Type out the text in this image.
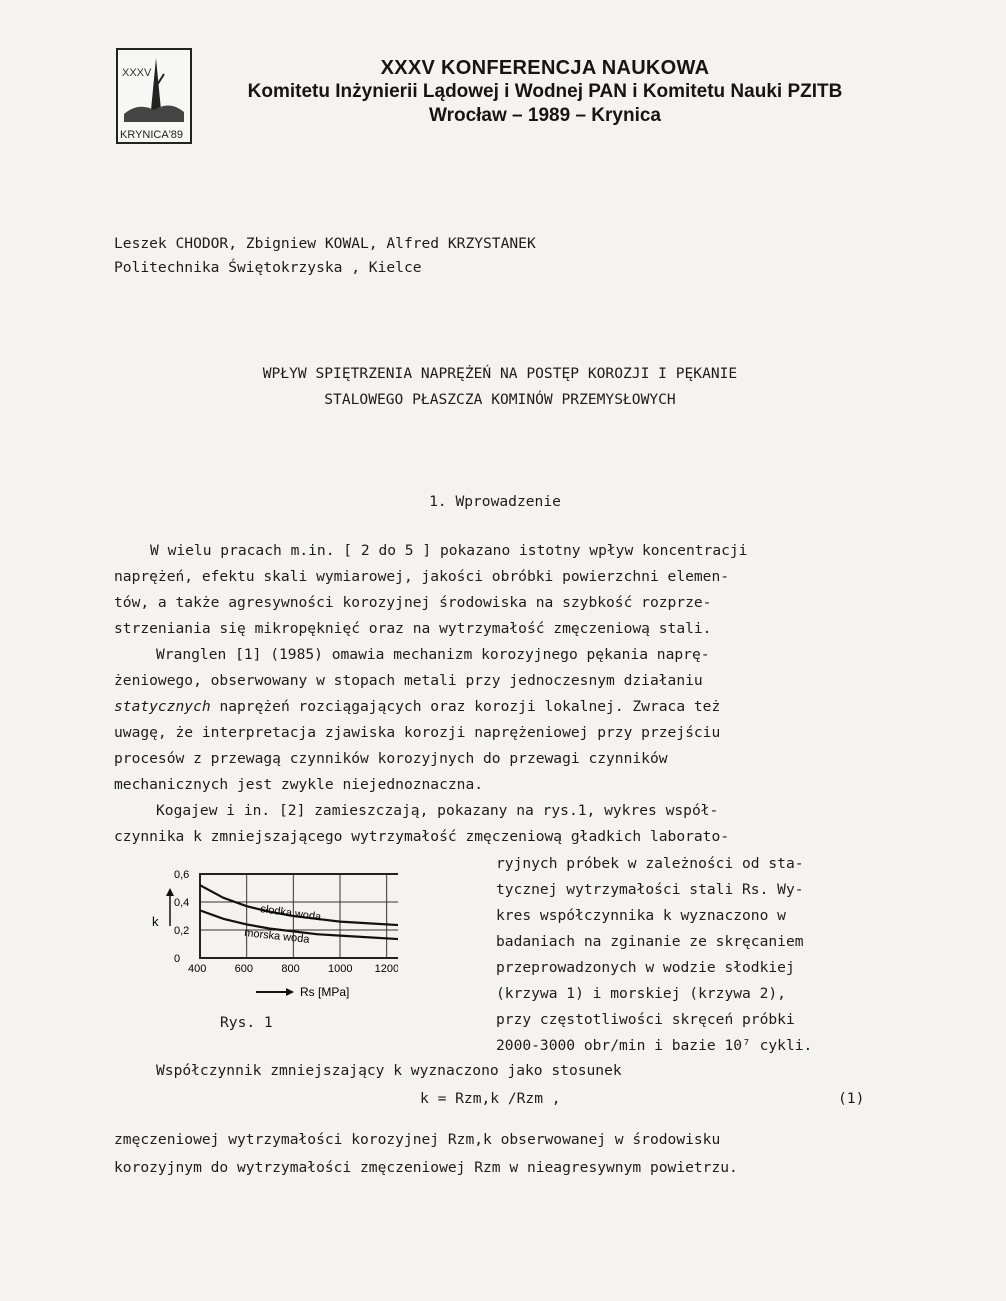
XXXV
KRYNICA'89
XXXV KONFERENCJA NAUKOWA
Komitetu Inżynierii Lądowej i Wodnej PAN i Komitetu Nauki PZITB
Wrocław – 1989 – Krynica
Leszek CHODOR, Zbigniew KOWAL, Alfred KRZYSTANEK
Politechnika Świętokrzyska , Kielce
WPŁYW SPIĘTRZENIA NAPRĘŻEŃ NA POSTĘP KOROZJI I PĘKANIE
STALOWEGO PŁASZCZA KOMINÓW PRZEMYSŁOWYCH
1. Wprowadzenie
W wielu pracach m.in. [ 2 do 5 ] pokazano istotny wpływ koncentracji
naprężeń, efektu skali wymiarowej, jakości obróbki powierzchni elemen-
tów, a także agresywności korozyjnej środowiska na szybkość rozprze-
strzeniania się mikropęknięć oraz na wytrzymałość zmęczeniową stali.
Wranglen [1] (1985) omawia mechanizm korozyjnego pękania naprę-
żeniowego, obserwowany w stopach metali przy jednoczesnym działaniu
statycznych naprężeń rozciągających oraz korozji lokalnej. Zwraca też
uwagę, że interpretacja zjawiska korozji naprężeniowej przy przejściu
procesów z przewagą czynników korozyjnych do przewagi czynników
mechanicznych jest zwykle niejednoznaczna.
Kogajew i in. [2] zamieszczają, pokazany na rys.1, wykres współ-
czynnika k zmniejszającego wytrzymałość zmęczeniową gładkich laborato-
ryjnych próbek w zależności od sta-
tycznej wytrzymałości stali Rs. Wy-
kres współczynnika k wyznaczono w
badaniach na zginanie ze skręcaniem
przeprowadzonych w wodzie słodkiej
(krzywa 1) i morskiej (krzywa 2),
przy częstotliwości skręceń próbki
2000-3000 obr/min i bazie 10⁷ cykli.
0,6
0,4
0,2
0
k
400	600	800	1000 1200
Rs [MPa]
słodka woda
morska woda
Rys. 1
Współczynnik zmniejszający k wyznaczono jako stosunek
k = Rzm,k /Rzm ,	(1)
zmęczeniowej wytrzymałości korozyjnej Rzm,k obserwowanej w środowisku
korozyjnym do wytrzymałości zmęczeniowej Rzm w nieagresywnym powietrzu.
